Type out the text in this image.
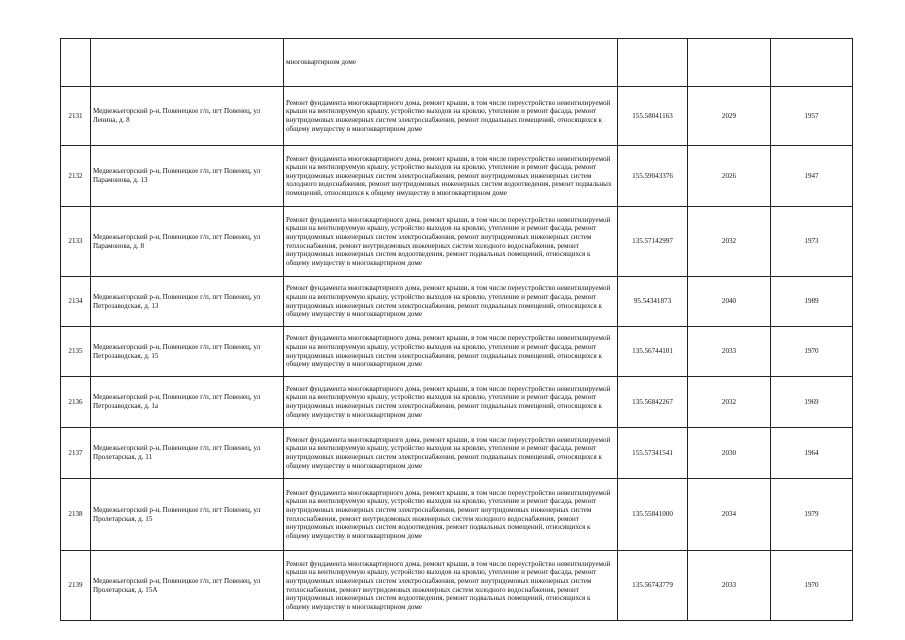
		многоквартирном доме			
2131	Медвежьегорский р-н, Повенецкое г/п, пгт Повенец, ул Ленина, д. 8	Ремонт фундамента многоквартирного дома, ремонт крыши, в том числе переустройство невентилируемой крыши на вентилируемую крышу, устройство выходов на кровлю, утепление и ремонт фасада, ремонт внутридомовых инженерных систем электроснабжения, ремонт подвальных помещений, относящихся к общему имуществу в многоквартирном доме	155.58041163	2029	1957
2132	Медвежьегорский р-н, Повенецкое г/п, пгт Повенец, ул Парамонова, д. 13	Ремонт фундамента многоквартирного дома, ремонт крыши, в том числе переустройство невентилируемой крыши на вентилируемую крышу, устройство выходов на кровлю, утепление и ремонт фасада, ремонт внутридомовых инженерных систем электроснабжения, ремонт внутридомовых инженерных систем холодного водоснабжения, ремонт внутридомовых инженерных систем водоотведения, ремонт подвальных помещений, относящихся к общему имуществу в многоквартирном доме	155.59043376	2026	1947
2133	Медвежьегорский р-н, Повенецкое г/п, пгт Повенец, ул Парамонова, д. 8	Ремонт фундамента многоквартирного дома, ремонт крыши, в том числе переустройство невентилируемой крыши на вентилируемую крышу, устройство выходов на кровлю, утепление и ремонт фасада, ремонт внутридомовых инженерных систем электроснабжения, ремонт внутридомовых инженерных систем теплоснабжения, ремонт внутридомовых инженерных систем холодного водоснабжения, ремонт внутридомовых инженерных систем водоотведения, ремонт подвальных помещений, относящихся к общему имуществу в многоквартирном доме	135.57142997	2032	1973
2134	Медвежьегорский р-н, Повенецкое г/п, пгт Повенец, ул Петрозаводская, д. 13	Ремонт фундамента многоквартирного дома, ремонт крыши, в том числе переустройство невентилируемой крыши на вентилируемую крышу, устройство выходов на кровлю, утепление и ремонт фасада, ремонт внутридомовых инженерных систем электроснабжения, ремонт подвальных помещений, относящихся к общему имуществу в многоквартирном доме	95.54341873	2040	1989
2135	Медвежьегорский р-н, Повенецкое г/п, пгт Повенец, ул Петрозаводская, д. 15	Ремонт фундамента многоквартирного дома, ремонт крыши, в том числе переустройство невентилируемой крыши на вентилируемую крышу, устройство выходов на кровлю, утепление и ремонт фасада, ремонт внутридомовых инженерных систем электроснабжения, ремонт подвальных помещений, относящихся к общему имуществу в многоквартирном доме	135.56744101	2033	1970
2136	Медвежьегорский р-н, Повенецкое г/п, пгт Повенец, ул Петрозаводская, д. 1а	Ремонт фундамента многоквартирного дома, ремонт крыши, в том числе переустройство невентилируемой крыши на вентилируемую крышу, устройство выходов на кровлю, утепление и ремонт фасада, ремонт внутридомовых инженерных систем электроснабжения, ремонт подвальных помещений, относящихся к общему имуществу в многоквартирном доме	135.56842267	2032	1969
2137	Медвежьегорский р-н, Повенецкое г/п, пгт Повенец, ул Пролетарская, д. 11	Ремонт фундамента многоквартирного дома, ремонт крыши, в том числе переустройство невентилируемой крыши на вентилируемую крышу, устройство выходов на кровлю, утепление и ремонт фасада, ремонт внутридомовых инженерных систем электроснабжения, ремонт подвальных помещений, относящихся к общему имуществу в многоквартирном доме	155.57341541	2030	1964
2138	Медвежьегорский р-н, Повенецкое г/п, пгт Повенец, ул Пролетарская, д. 15	Ремонт фундамента многоквартирного дома, ремонт крыши, в том числе переустройство невентилируемой крыши на вентилируемую крышу, устройство выходов на кровлю, утепление и ремонт фасада, ремонт внутридомовых инженерных систем электроснабжения, ремонт внутридомовых инженерных систем теплоснабжения, ремонт внутридомовых инженерных систем холодного водоснабжения, ремонт внутридомовых инженерных систем водоотведения, ремонт подвальных помещений, относящихся к общему имуществу в многоквартирном доме	135.55841000	2034	1979
2139	Медвежьегорский р-н, Повенецкое г/п, пгт Повенец, ул Пролетарская, д. 15А	Ремонт фундамента многоквартирного дома, ремонт крыши, в том числе переустройство невентилируемой крыши на вентилируемую крышу, устройство выходов на кровлю, утепление и ремонт фасада, ремонт внутридомовых инженерных систем электроснабжения, ремонт внутридомовых инженерных систем теплоснабжения, ремонт внутридомовых инженерных систем холодного водоснабжения, ремонт внутридомовых инженерных систем водоотведения, ремонт подвальных помещений, относящихся к общему имуществу в многоквартирном доме	135.56743779	2033	1970
